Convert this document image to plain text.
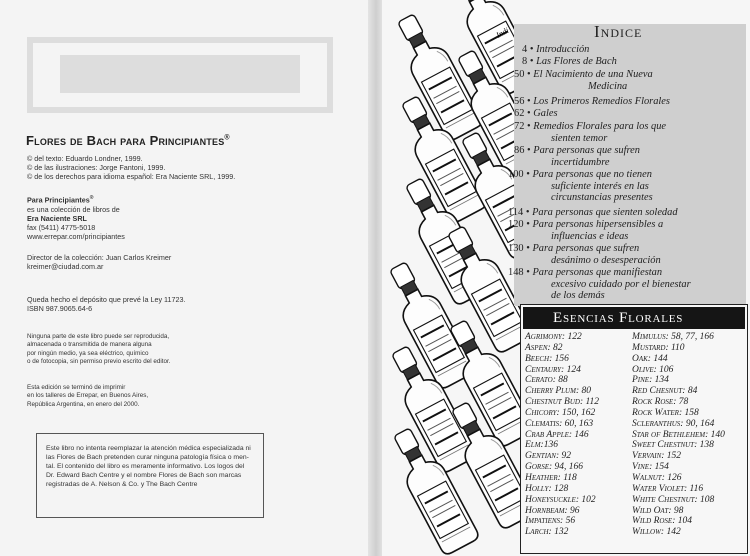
Flores de Bach para Principiantes®
© del texto: Eduardo Londner, 1999.
© de las ilustraciones: Jorge Fantoni, 1999.
© de los derechos para idioma español: Era Naciente SRL, 1999.
Para Principiantes®
es una colección de libros de
Era Naciente SRL
fax (5411) 4775-5018
www.errepar.com/principiantes
Director de la colección: Juan Carlos Kreimer
kreimer@ciudad.com.ar
Queda hecho el depósito que prevé la Ley 11723.
ISBN 987.9065.64-6
Ninguna parte de este libro puede ser reproducida,
almacenada o transmitida de manera alguna
por ningún medio, ya sea eléctrico, químico
o de fotocopia, sin permiso previo escrito del editor.
Esta edición se terminó de imprimir
en los talleres de Errepar, en Buenos Aires,
República Argentina, en enero del 2000.
Este libro no intenta reemplazar la atención médica especializada ni
las Flores de Bach pretenden curar ninguna patología física o men-
tal. El contenido del libro es meramente informativo. Los logos del
Dr. Edward Bach Centre y el nombre Flores de Bach son marcas
registradas de A. Nelson & Co. y The Bach Centre
Indi	Indice
4 • Introducción
8 • Las Flores de Bach
50 • El Nacimiento de una Nueva
Medicina
56 • Los Primeros Remedios Florales
62 • Gales
72 • Remedios Florales para los que
sienten temor
86 • Para personas que sufren
incertidumbre
100 • Para personas que no tienen
suficiente interés en las circunstancias presentes
114 • Para personas que sienten soledad
120 • Para personas hipersensibles a
influencias e ideas
130 • Para personas que sufren
desánimo o desesperación
148 • Para personas que manifiestan
excesivo cuidado por el bienestar de los demás
Esencias Florales
Agrimony: 122
Aspen: 82
Beech: 156
Centaury: 124
Cerato: 88
Cherry Plum: 80
Chestnut Bud: 112
Chicory: 150, 162
Clematis: 60, 163
Crab Apple: 146
Elm:136
Gentian: 92
Gorse: 94, 166
Heather: 118
Holly: 128
Honeysuckle: 102
Hornbeam: 96
Impatiens: 56
Larch: 132
Mimulus: 58, 77, 166
Mustard: 110
Oak: 144
Olive: 106
Pine: 134
Red Chesnut: 84
Rock Rose: 78
Rock Water: 158
Scleranthus: 90, 164
Star of Bethlehem: 140
Sweet Chestnut: 138
Vervain: 152
Vine: 154
Walnut: 126
Water Violet: 116
White Chestnut: 108
Wild Oat: 98
Wild Rose: 104
Willow: 142
